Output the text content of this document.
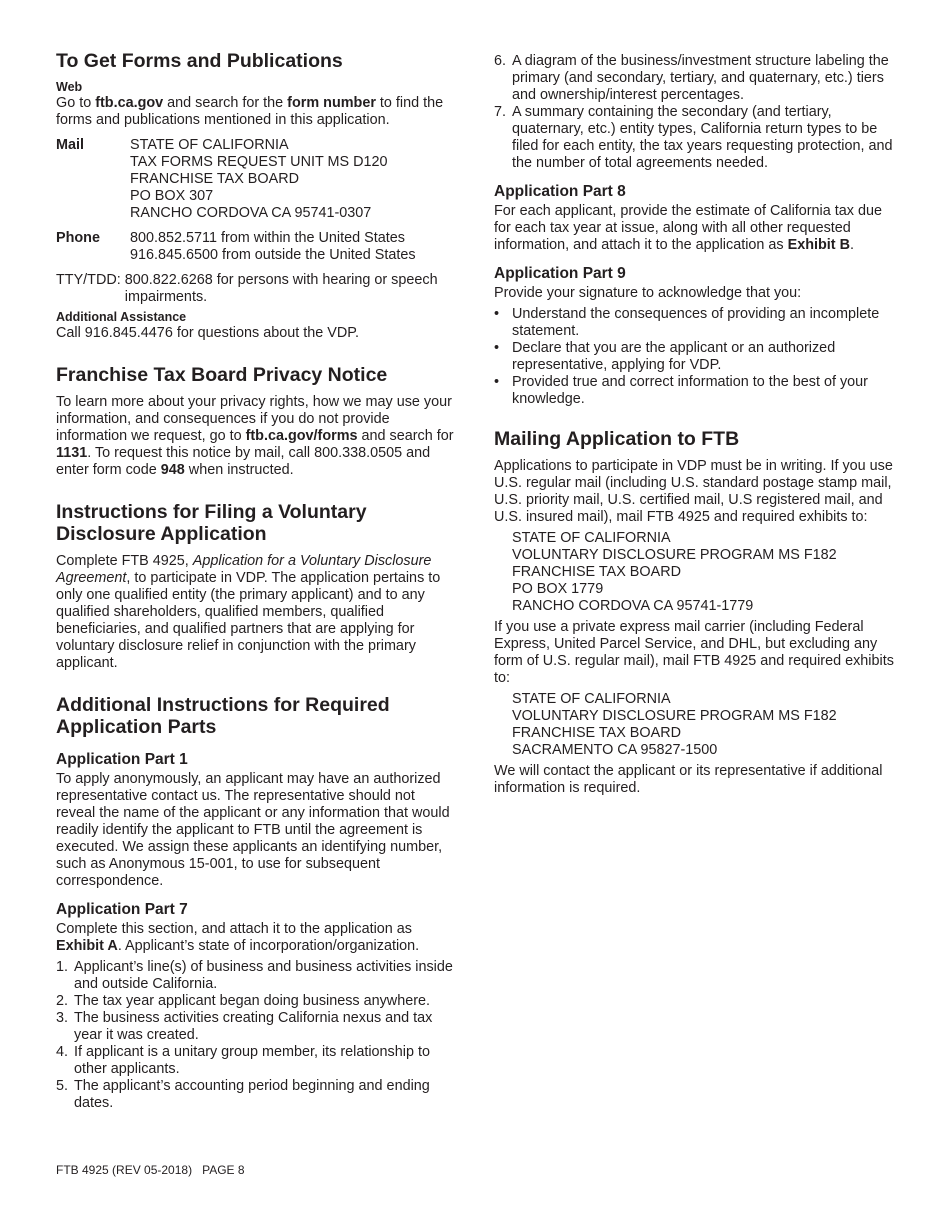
To Get Forms and Publications
Web

Go to ftb.ca.gov and search for the form number to find the forms and publications mentioned in this application.

Mail	STATE OF CALIFORNIA
TAX FORMS REQUEST UNIT MS D120
FRANCHISE TAX BOARD
PO BOX 307
RANCHO CORDOVA CA 95741-0307
Phone	800.852.5711 from within the United States
916.845.6500 from outside the United States
TTY/TDD: 800.822.6268 for persons with hearing or speech impairments.
Additional Assistance

Call 916.845.4476 for questions about the VDP.

Franchise Tax Board Privacy Notice

To learn more about your privacy rights, how we may use your information, and consequences if you do not provide information we request, go to ftb.ca.gov/forms and search for 1131. To request this notice by mail, call 800.338.0505 and enter form code 948 when instructed.

Instructions for Filing a Voluntary Disclosure Application

Complete FTB 4925, Application for a Voluntary Disclosure Agreement, to participate in VDP. The application pertains to only one qualified entity (the primary applicant) and to any qualified shareholders, qualified members, qualified beneficiaries, and qualified partners that are applying for voluntary disclosure relief in conjunction with the primary applicant.

Additional Instructions for Required Application Parts
Application Part 1

To apply anonymously, an applicant may have an authorized representative contact us. The representative should not reveal the name of the applicant or any information that would readily identify the applicant to FTB until the agreement is executed. We assign these applicants an identifying number, such as Anonymous 15-001, to use for subsequent correspondence.

Application Part 7

Complete this section, and attach it to the application as Exhibit A. Applicant’s state of incorporation/organization.

1. Applicant’s line(s) of business and business activities inside and outside California.
2. The tax year applicant began doing business anywhere.
3. The business activities creating California nexus and tax year it was created.
4. If applicant is a unitary group member, its relationship to other applicants.
5. The applicant’s accounting period beginning and ending dates.
6. A diagram of the business/investment structure labeling the primary (and secondary, tertiary, and quaternary, etc.) tiers and ownership/interest percentages.
7. A summary containing the secondary (and tertiary, quaternary, etc.) entity types, California return types to be filed for each entity, the tax years requesting protection, and the number of total agreements needed.
Application Part 8

For each applicant, provide the estimate of California tax due for each tax year at issue, along with all other requested information, and attach it to the application as Exhibit B.

Application Part 9

Provide your signature to acknowledge that you:

• Understand the consequences of providing an incomplete statement.
• Declare that you are the applicant or an authorized representative, applying for VDP.
• Provided true and correct information to the best of your knowledge.
Mailing Application to FTB

Applications to participate in VDP must be in writing. If you use U.S. regular mail (including U.S. standard postage stamp mail, U.S. priority mail, U.S. certified mail, U.S registered mail, and U.S. insured mail), mail FTB 4925 and required exhibits to:

STATE OF CALIFORNIA
VOLUNTARY DISCLOSURE PROGRAM MS F182
FRANCHISE TAX BOARD
PO BOX 1779
RANCHO CORDOVA CA 95741-1779

If you use a private express mail carrier (including Federal Express, United Parcel Service, and DHL, but excluding any form of U.S. regular mail), mail FTB 4925 and required exhibits to:

STATE OF CALIFORNIA
VOLUNTARY DISCLOSURE PROGRAM MS F182
FRANCHISE TAX BOARD
SACRAMENTO CA 95827-1500

We will contact the applicant or its representative if additional information is required.

FTB 4925 (REV 05-2018) PAGE 8
